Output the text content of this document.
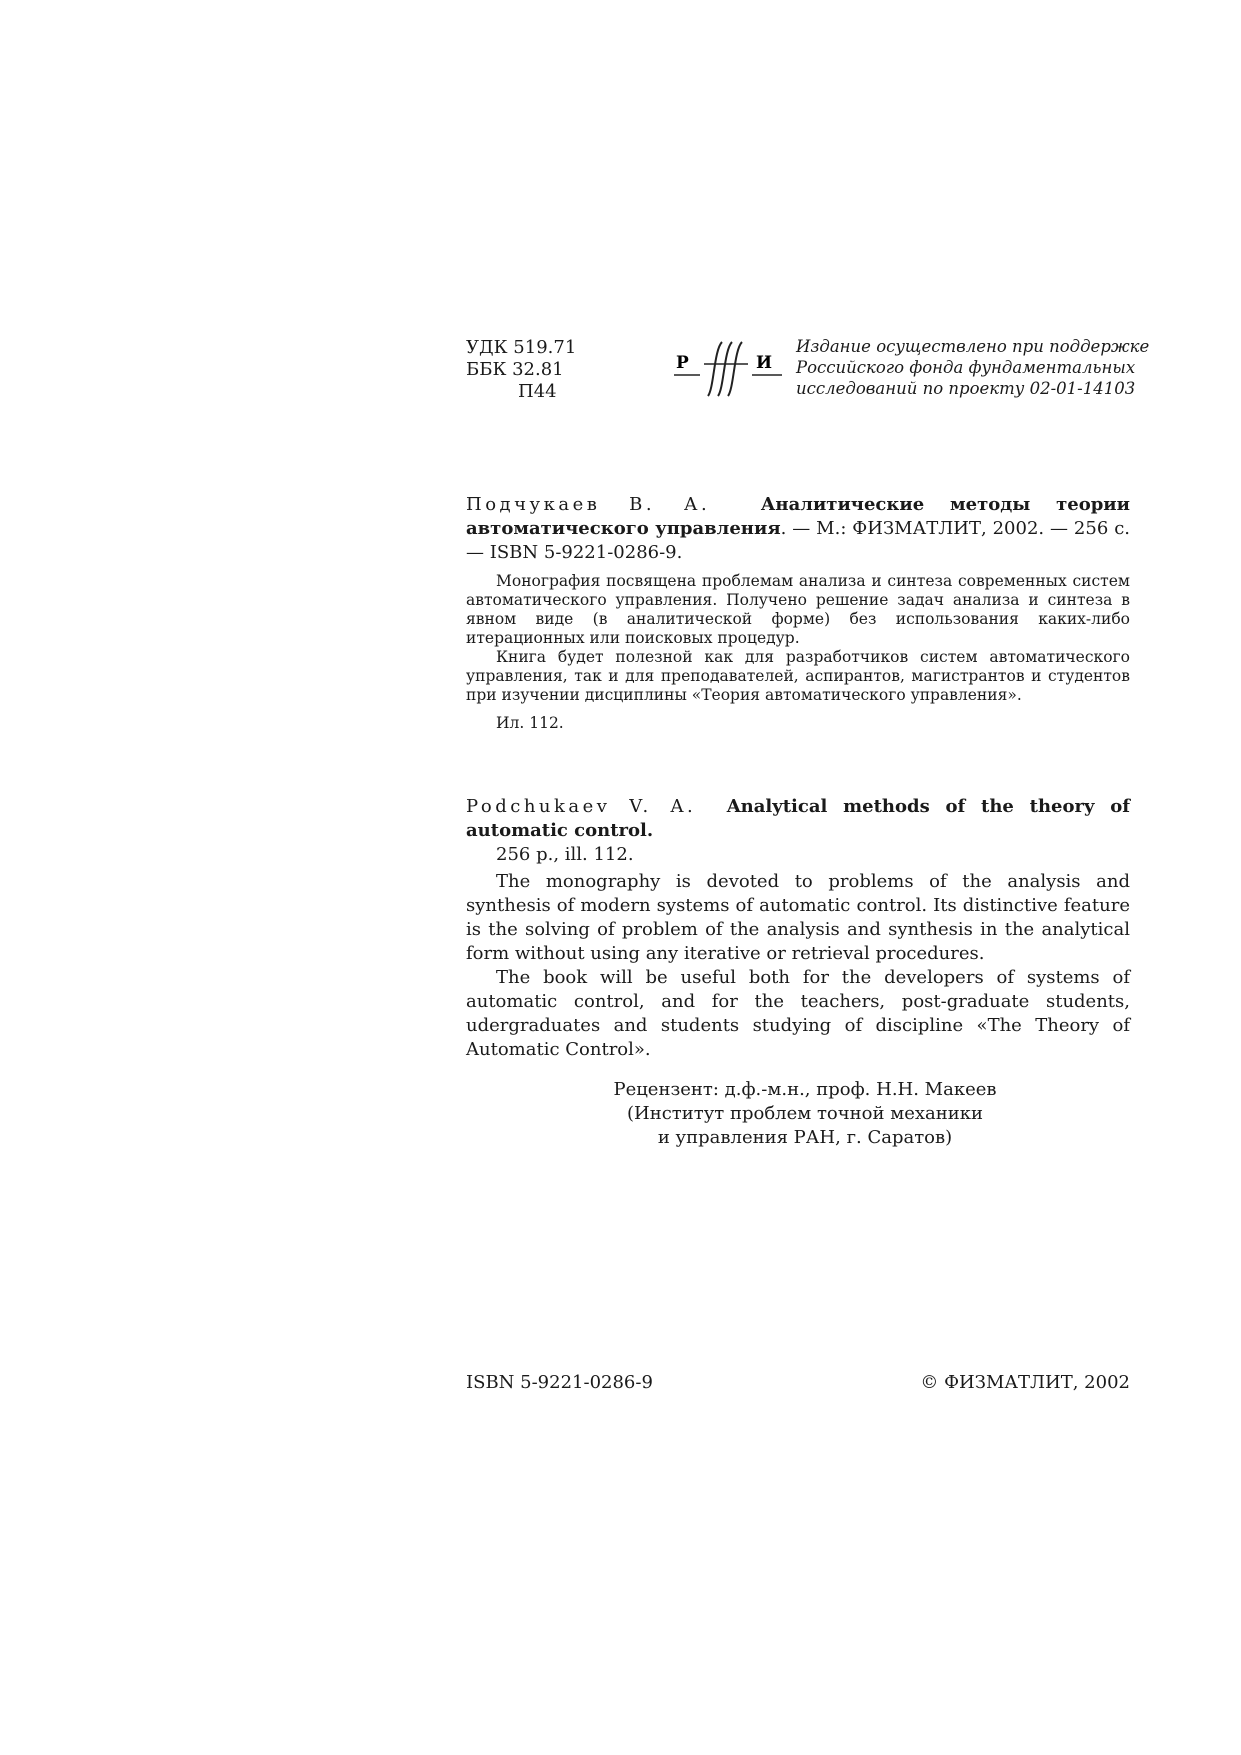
УДК 519.71
ББК 32.81
П44
Р	И
Издание осуществлено при поддержке
Российского фонда фундаментальных
исследований по проекту 02-01-14103
Подчукаев В. А.	Аналитические методы теории автоматического управления. — М.: ФИЗМАТЛИТ, 2002. — 256 с. — ISBN 5-9221-0286-9.

Монография посвящена проблемам анализа и синтеза современных систем автоматического управления. Получено решение задач анализа и синтеза в явном виде (в аналитической форме) без использования каких-либо итерационных или поисковых процедур.

Книга будет полезной как для разработчиков систем автоматического управления, так и для преподавателей, аспирантов, магистрантов и студентов при изучении дисциплины «Теория автоматического управления».

Ил. 112.
Podchukaev V. A. Analytical methods of the theory of automatic control.
256 p., ill. 112.

The monography is devoted to problems of the analysis and synthesis of modern systems of automatic control. Its distinctive feature is the solving of problem of the analysis and synthesis in the analytical form without using any iterative or retrieval procedures.

The book will be useful both for the developers of systems of automatic control, and for the teachers, post-graduate students, udergraduates and students studying of discipline «The Theory of Automatic Control».

Рецензент: д.ф.-м.н., проф. Н.Н. Макеев
(Институт проблем точной механики
и управления РАН, г. Саратов)
ISBN 5-9221-0286-9	© ФИЗМАТЛИТ, 2002
